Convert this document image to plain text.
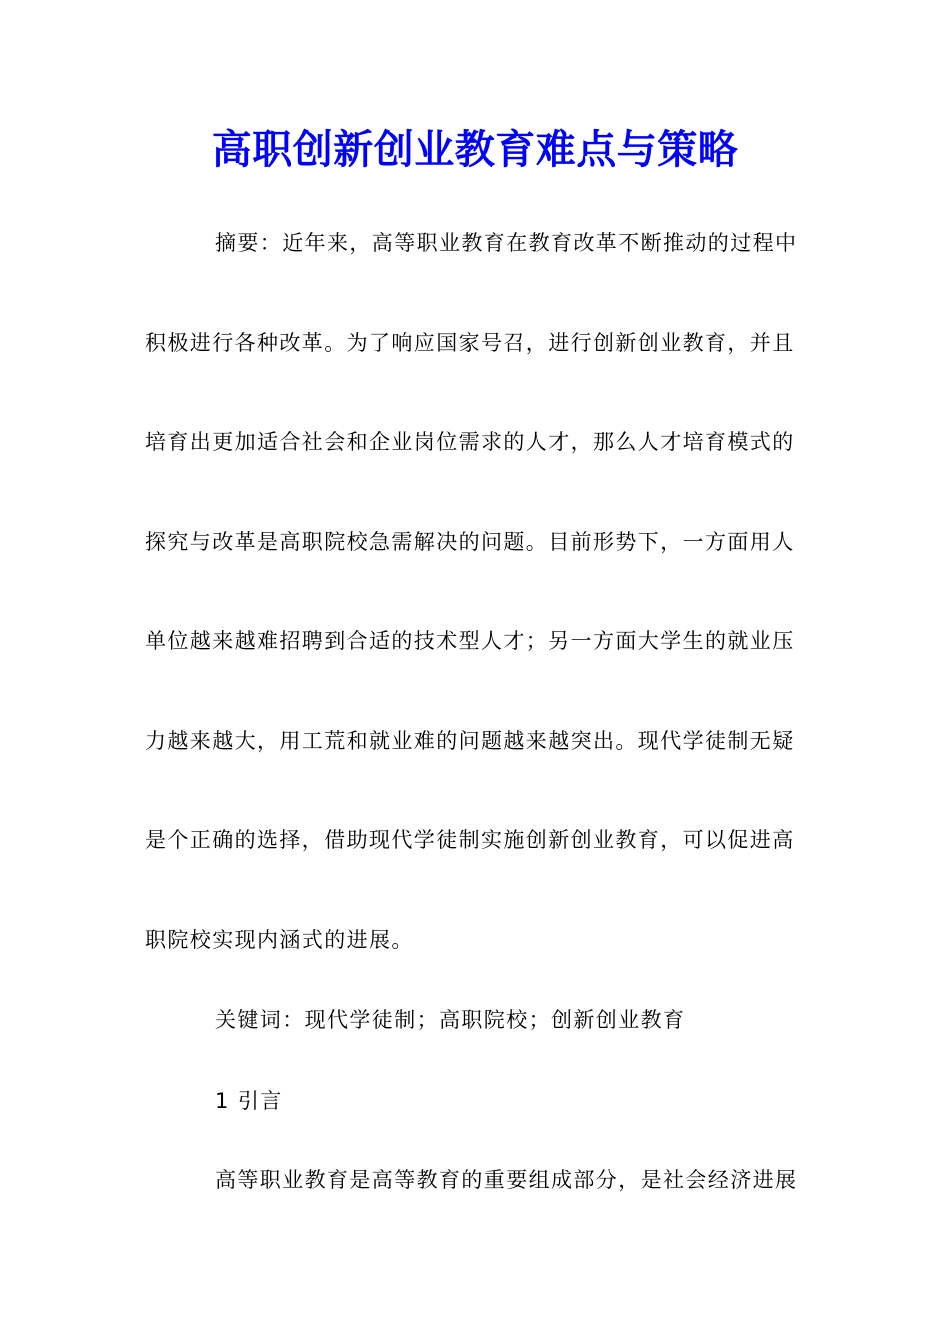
高职创新创业教育难点与策略

摘要：近年来，高等职业教育在教育改革不断推动的过程中

积极进行各种改革。为了响应国家号召，进行创新创业教育，并且

培育出更加适合社会和企业岗位需求的人才，那么人才培育模式的

探究与改革是高职院校急需解决的问题。目前形势下，一方面用人

单位越来越难招聘到合适的技术型人才；另一方面大学生的就业压

力越来越大，用工荒和就业难的问题越来越突出。现代学徒制无疑

是个正确的选择，借助现代学徒制实施创新创业教育，可以促进高

职院校实现内涵式的进展。

关键词：现代学徒制；高职院校；创新创业教育

1 引言

高等职业教育是高等教育的重要组成部分，是社会经济进展
